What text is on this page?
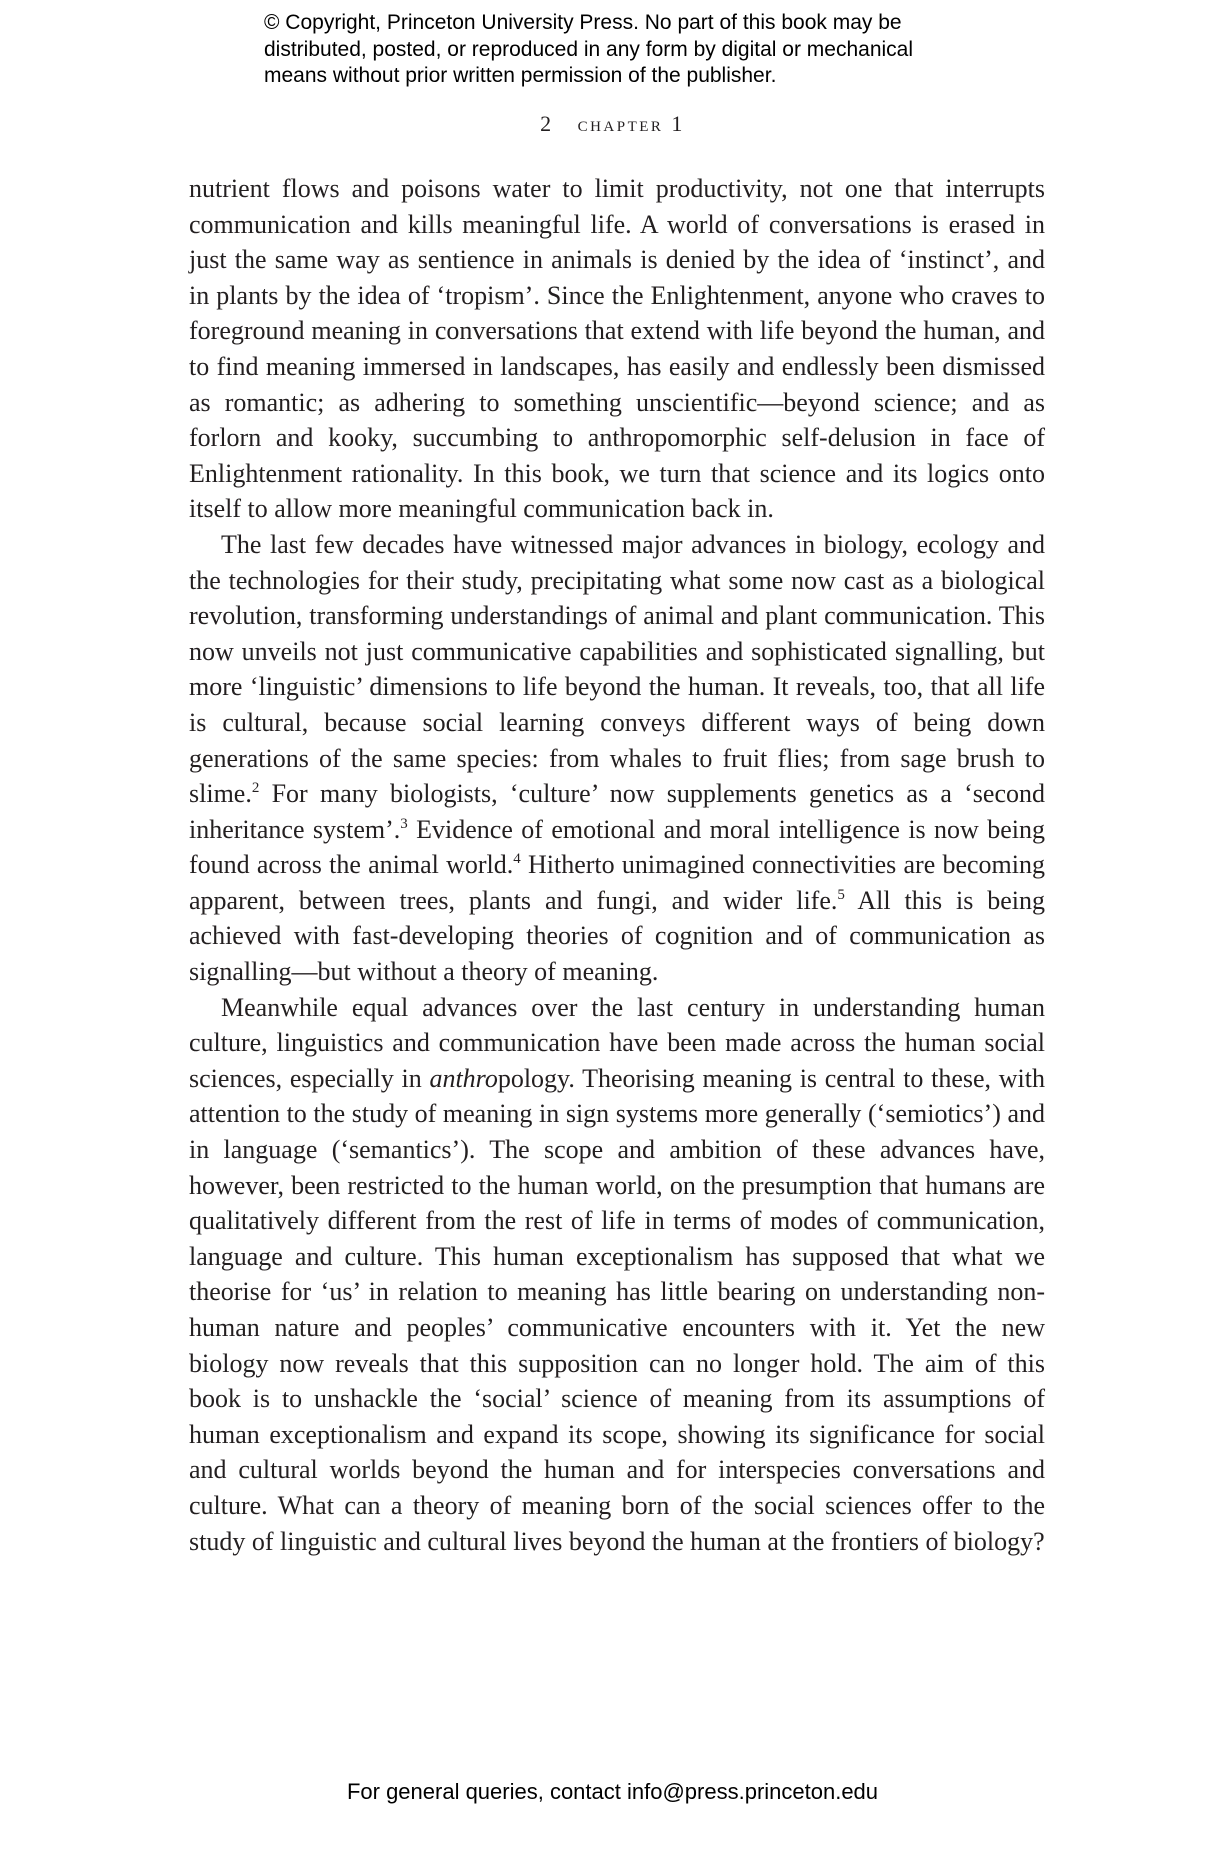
© Copyright, Princeton University Press. No part of this book may be
distributed, posted, or reproduced in any form by digital or mechanical
means without prior written permission of the publisher.
2 chapter 1

nutrient flows and poisons water to limit productivity, not one that interrupts communication and kills meaningful life. A world of conversations is erased in just the same way as sentience in animals is denied by the idea of ‘instinct’, and in plants by the idea of ‘tropism’. Since the Enlightenment, anyone who craves to foreground meaning in conversations that extend with life beyond the human, and to find meaning immersed in landscapes, has easily and endlessly been dismissed as romantic; as adhering to something unscientific—beyond science; and as forlorn and kooky, succumbing to anthropomorphic self-delusion in face of Enlightenment rationality. In this book, we turn that science and its logics onto itself to allow more meaningful communication back in.

The last few decades have witnessed major advances in biology, ecology and the technologies for their study, precipitating what some now cast as a biological revolution, transforming understandings of animal and plant communication. This now unveils not just communicative capabilities and sophisticated signalling, but more ‘linguistic’ dimensions to life beyond the human. It reveals, too, that all life is cultural, because social learning conveys different ways of being down generations of the same species: from whales to fruit flies; from sage brush to slime.$^2$ For many biologists, ‘culture’ now supplements genetics as a ‘second inheritance system’.$^3$ Evidence of emotional and moral intelligence is now being found across the animal world.$^4$ Hitherto unimagined connectivities are becoming apparent, between trees, plants and fungi, and wider life.$^5$ All this is being achieved with fast-developing theories of cognition and of communication as signalling—but without a theory of meaning.

Meanwhile equal advances over the last century in understanding human culture, linguistics and communication have been made across the human social sciences, especially in anthropology. Theorising meaning is central to these, with attention to the study of meaning in sign systems more generally (‘semiotics’) and in language (‘semantics’). The scope and ambition of these advances have, however, been restricted to the human world, on the presumption that humans are qualitatively different from the rest of life in terms of modes of communication, language and culture. This human exceptionalism has supposed that what we theorise for ‘us’ in relation to meaning has little bearing on understanding non-human nature and peoples’ communicative encounters with it. Yet the new biology now reveals that this supposition can no longer hold. The aim of this book is to unshackle the ‘social’ science of meaning from its assumptions of human exceptionalism and expand its scope, showing its significance for social and cultural worlds beyond the human and for interspecies conversations and culture. What can a theory of meaning born of the social sciences offer to the study of linguistic and cultural lives beyond the human at the frontiers of biology?

For general queries, contact info@press.princeton.edu
